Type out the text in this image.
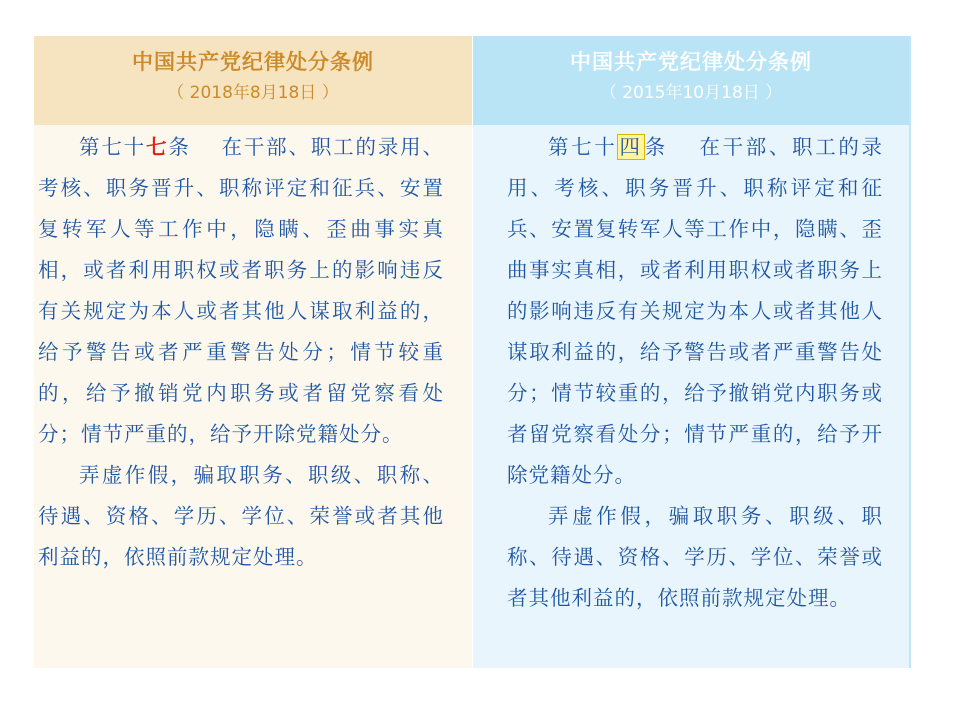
中国共产党纪律处分条例
（ 2018年8月18日 ）

第七十七条 在干部、职工的录用、考核、职务晋升、职称评定和征兵、安置复转军人等工作中，隐瞒、歪曲事实真相，或者利用职权或者职务上的影响违反有关规定为本人或者其他人谋取利益的，给予警告或者严重警告处分；情节较重的，给予撤销党内职务或者留党察看处分；情节严重的，给予开除党籍处分。

弄虚作假，骗取职务、职级、职称、待遇、资格、学历、学位、荣誉或者其他利益的，依照前款规定处理。

中国共产党纪律处分条例
（ 2015年10月18日 ）

第七十四条 在干部、职工的录用、考核、职务晋升、职称评定和征兵、安置复转军人等工作中，隐瞒、歪曲事实真相，或者利用职权或者职务上的影响违反有关规定为本人或者其他人谋取利益的，给予警告或者严重警告处分；情节较重的，给予撤销党内职务或者留党察看处分；情节严重的，给予开除党籍处分。

弄虚作假，骗取职务、职级、职称、待遇、资格、学历、学位、荣誉或者其他利益的，依照前款规定处理。
